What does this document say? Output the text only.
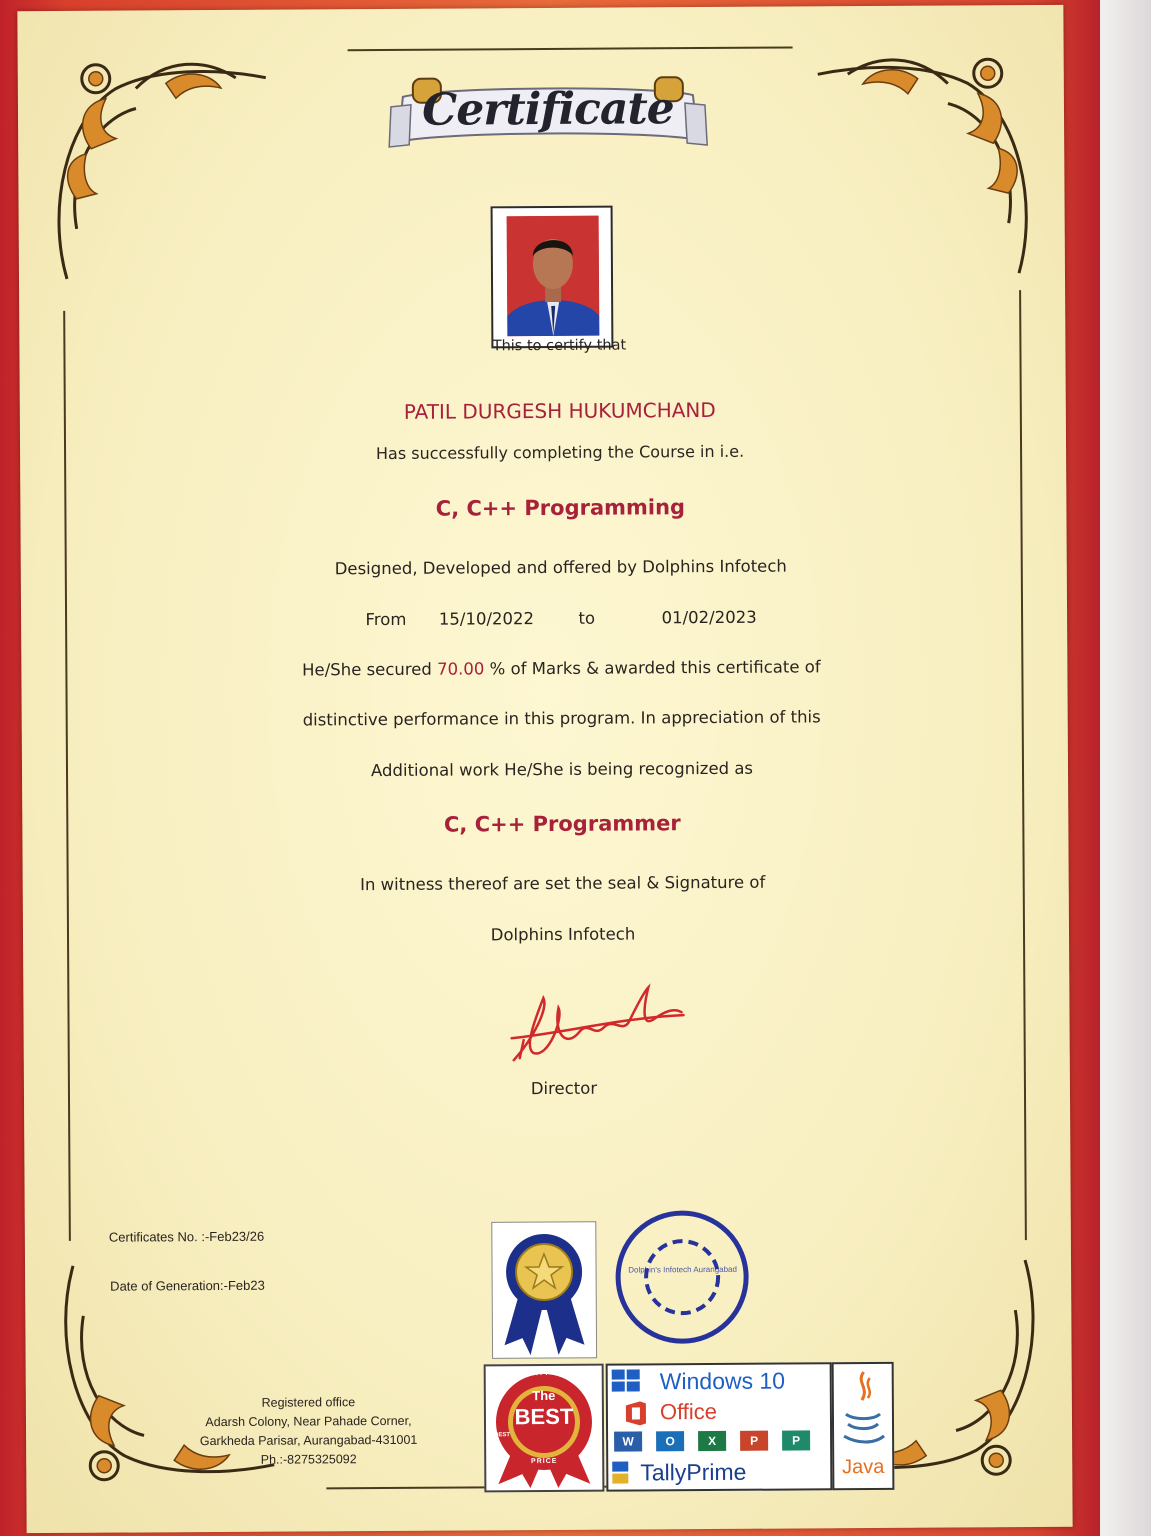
Certificate
This to certify that
PATIL DURGESH HUKUMCHAND
Has successfully completing the Course in i.e.
C, C++ Programming
Designed, Developed and offered by Dolphins Infotech
From 15/10/2022	to	01/02/2023
He/She secured 70.00 % of Marks & awarded this certificate of
distinctive performance in this program. In appreciation of this
Additional work He/She is being recognized as
C, C++ Programmer
In witness thereof are set the seal & Signature of
Dolphins Infotech
Director
Certificates No. :-Feb23/26
Date of Generation:-Feb23
Registered office
Adarsh Colony, Near Pahade Corner,
Garkheda Parisar, Aurangabad-431001
Ph.:-8275325092
Dolphin's Infotech Aurangabad
The
BEST
QUALITY BEST
PRICE
BEST
Windows 10
Office
W	O	X	P	P
TallyPrime	Java
